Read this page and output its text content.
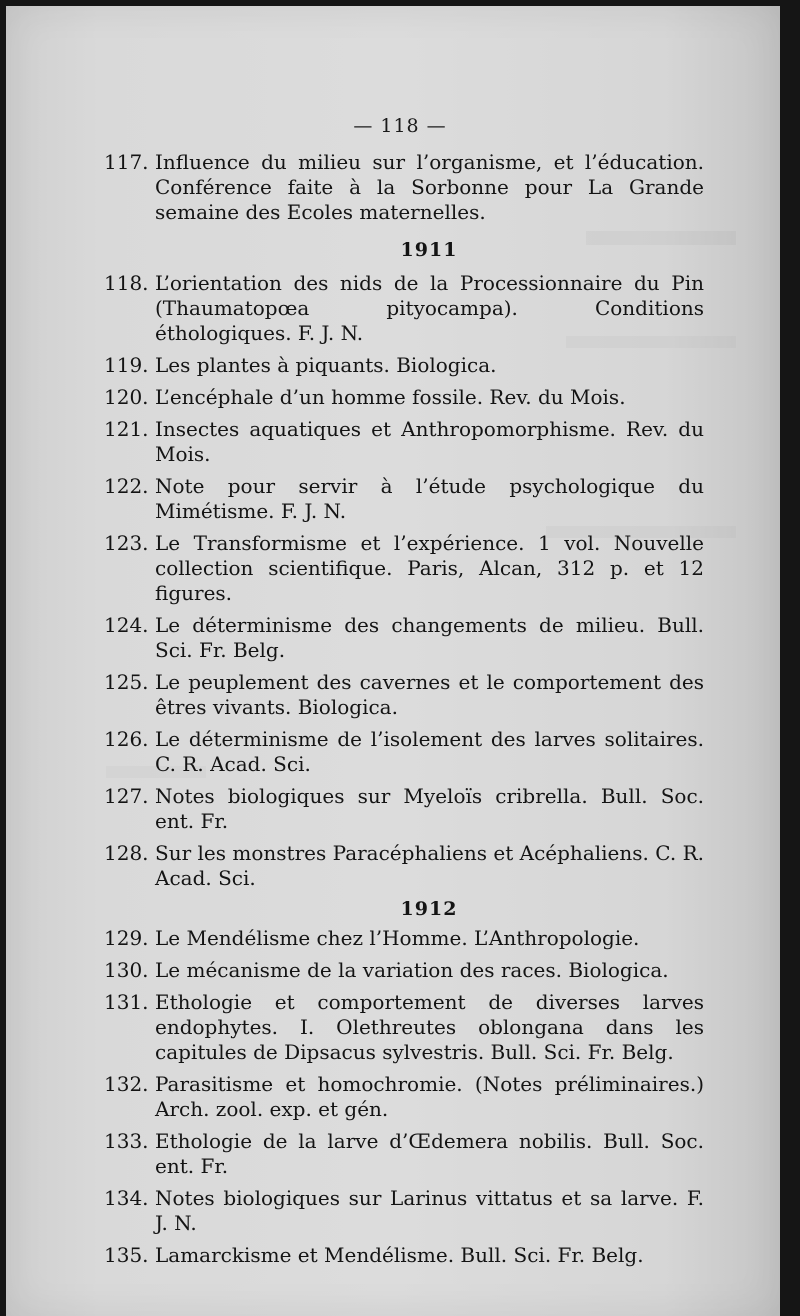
— 118 —
117. Influence du milieu sur l’organisme, et l’éducation. Conférence faite à la Sorbonne pour La Grande semaine des Ecoles maternelles.
1911
118. L’orientation des nids de la Processionnaire du Pin (Thaumatopœa pityocampa). Conditions éthologiques. F. J. N.
119. Les plantes à piquants. Biologica.
120. L’encéphale d’un homme fossile. Rev. du Mois.
121. Insectes aquatiques et Anthropomorphisme. Rev. du Mois.
122. Note pour servir à l’étude psychologique du Mimétisme. F. J. N.
123. Le Transformisme et l’expérience. 1 vol. Nouvelle collection scientifique. Paris, Alcan, 312 p. et 12 figures.
124. Le déterminisme des changements de milieu. Bull. Sci. Fr. Belg.
125. Le peuplement des cavernes et le comportement des êtres vivants. Biologica.
126. Le déterminisme de l’isolement des larves solitaires. C. R. Acad. Sci.
127. Notes biologiques sur Myeloïs cribrella. Bull. Soc. ent. Fr.
128. Sur les monstres Paracéphaliens et Acéphaliens. C. R. Acad. Sci.
1912
129. Le Mendélisme chez l’Homme. L’Anthropologie.
130. Le mécanisme de la variation des races. Biologica.
131. Ethologie et comportement de diverses larves endophytes. I. Olethreutes oblongana dans les capitules de Dipsacus sylvestris. Bull. Sci. Fr. Belg.
132. Parasitisme et homochromie. (Notes préliminaires.) Arch. zool. exp. et gén.
133. Ethologie de la larve d’Œdemera nobilis. Bull. Soc. ent. Fr.
134. Notes biologiques sur Larinus vittatus et sa larve. F. J. N.
135. Lamarckisme et Mendélisme. Bull. Sci. Fr. Belg.
